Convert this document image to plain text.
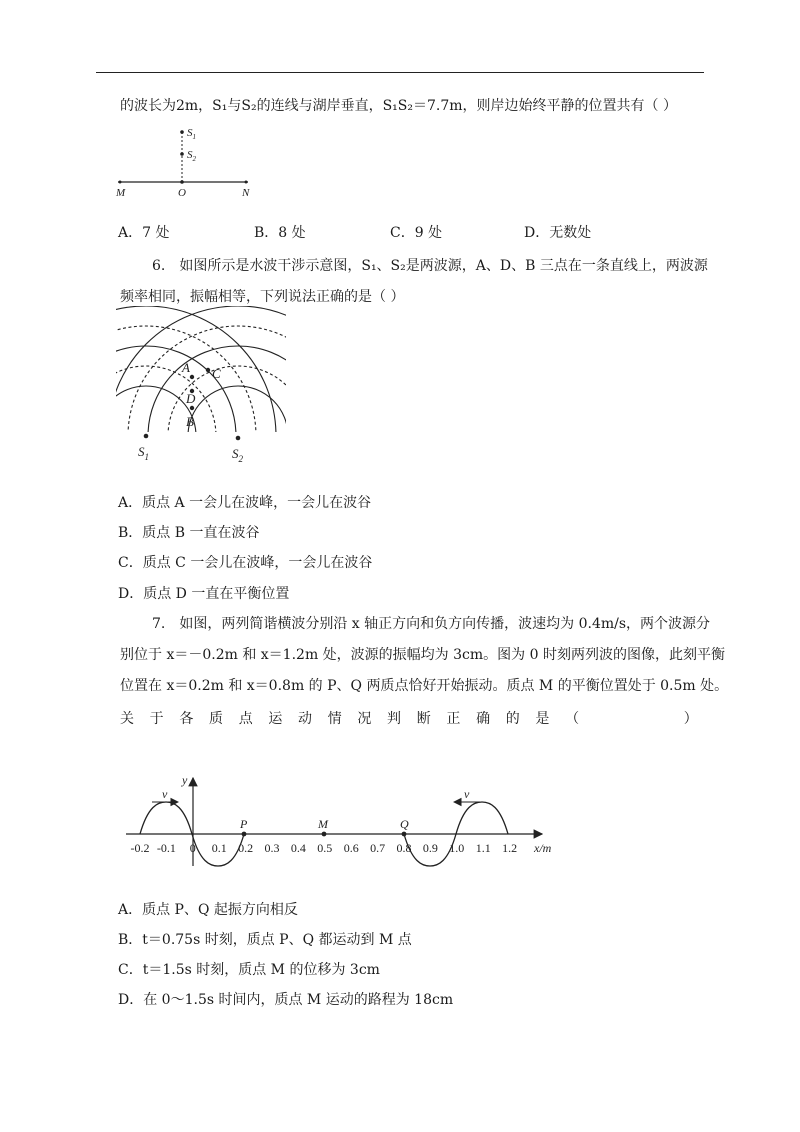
的波长为2m，S₁与S₂的连线与湖岸垂直，S₁S₂＝7.7m，则岸边始终平静的位置共有（ ）
$S_1$
$S_2$
M	O	N
A．7 处	B．8 处	C．9 处	D．无数处
6.　如图所示是水波干涉示意图，S₁、S₂是两波源，A、D、B 三点在一条直线上，两波源
频率相同，振幅相等，下列说法正确的是（ ）
A C
D
B
$S_1$	$S_2$
A．质点 A 一会儿在波峰，一会儿在波谷
B．质点 B 一直在波谷
C．质点 C 一会儿在波峰，一会儿在波谷
D．质点 D 一直在平衡位置
7.　如图，两列简谐横波分别沿 x 轴正方向和负方向传播，波速均为 0.4m/s，两个波源分
别位于 x＝－0.2m 和 x＝1.2m 处，波源的振幅均为 3cm。图为 0 时刻两列波的图像，此刻平衡
位置在 x＝0.2m 和 x＝0.8m 的 P、Q 两质点恰好开始振动。质点 M 的平衡位置处于 0.5m 处。
关 于 各 质 点 运 动 情 况 判 断 正 确 的 是 （

　	）
y
x/m
v	v
P	M	Q
-0.2 -0.1 0 0.1 0.2 0.3 0.4 0.5 0.6 0.7 0.8 0.9 1.0 1.1 1.2
A．质点 P、Q 起振方向相反
B．t＝0.75s 时刻，质点 P、Q 都运动到 M 点
C．t＝1.5s 时刻，质点 M 的位移为 3cm
D．在 0～1.5s 时间内，质点 M 运动的路程为 18cm
